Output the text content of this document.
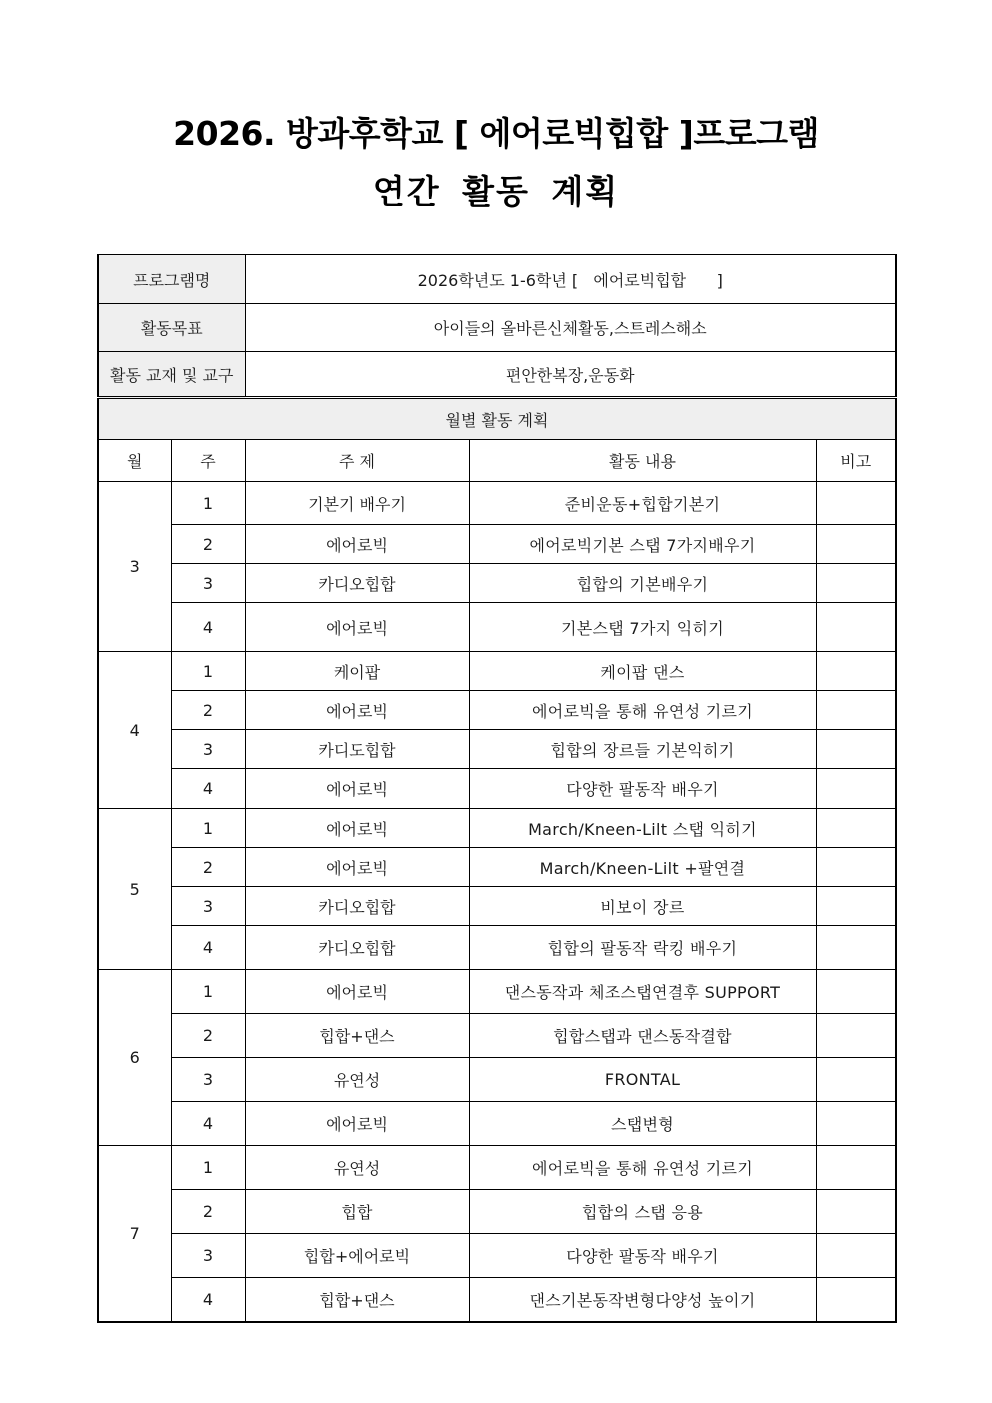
2026. 방과후학교 [ 에어로빅힙합 ]프로그램
연간 활동 계획
프로그램명		2026학년도 1-6학년 [   에어로빅힙합      ]		
활동목표		아이들의 올바른신체활동,스트레스해소		
활동 교재 및 교구		편안한복장,운동화		
월별 활동 계획				
월	주	주 제	활동 내용	비고
3	1	기본기 배우기	준비운동+힙합기본기	
	2	에어로빅	에어로빅기본 스탭 7가지배우기	
	3	카디오힙합	힙합의 기본배우기	
	4	에어로빅	기본스탭 7가지 익히기	
4	1	케이팝	케이팝 댄스	
	2	에어로빅	에어로빅을 통해 유연성 기르기	
	3	카디도힙합	힙합의 장르들 기본익히기	
	4	에어로빅	다양한 팔동작 배우기	
5	1	에어로빅	March/Kneen-Lilt 스탭 익히기	
	2	에어로빅	March/Kneen-Lilt +팔연결	
	3	카디오힙합	비보이 장르	
	4	카디오힙합	힙합의 팔동작 락킹 배우기	
6	1	에어로빅	댄스동작과 체조스탭연결후 SUPPORT	
	2	힙합+댄스	힙합스탭과 댄스동작결합	
	3	유연성	FRONTAL	
	4	에어로빅	스탭변형	
7	1	유연성	에어로빅을 통해 유연성 기르기	
	2	힙합	힙합의 스탭 응용	
	3	힙합+에어로빅	다양한 팔동작 배우기	
	4	힙합+댄스	댄스기본동작변형다양성 높이기	
